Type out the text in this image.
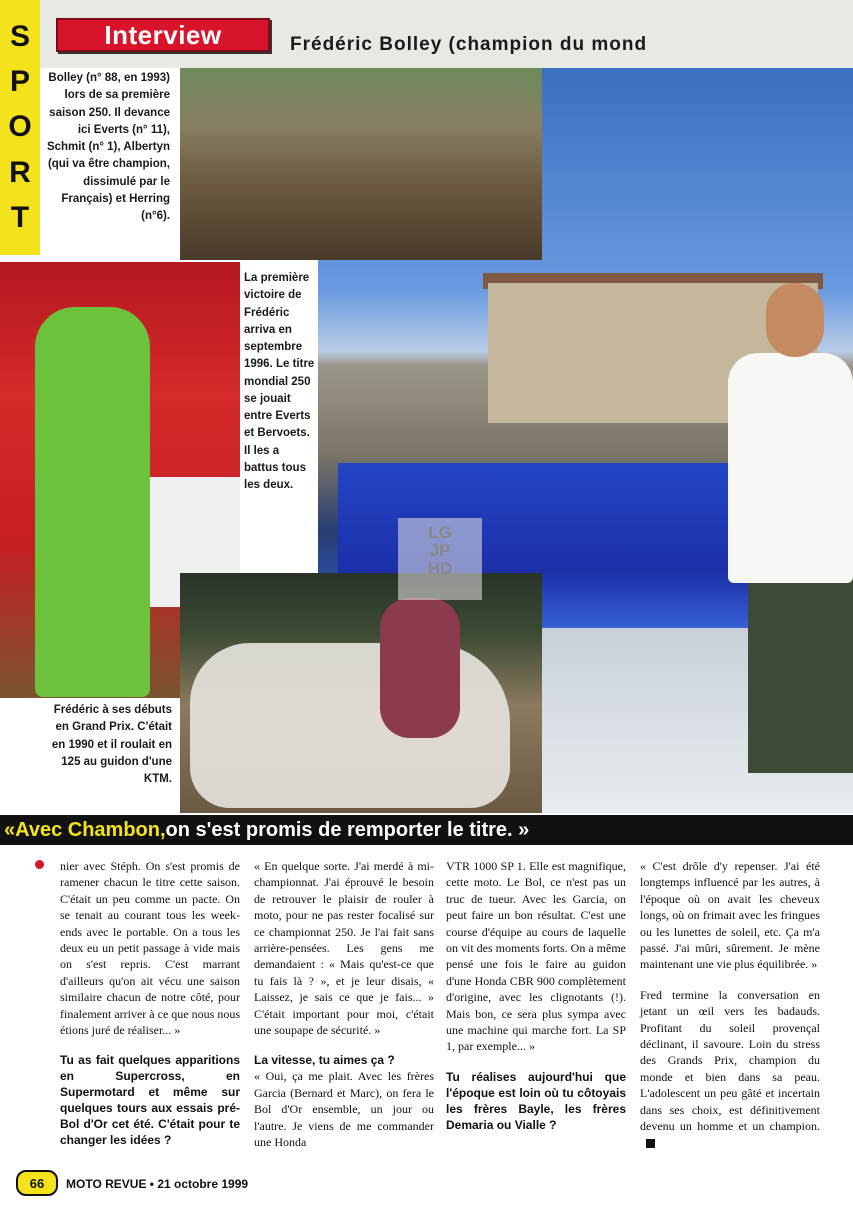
S
P
O
R
T
Interview	Frédéric Bolley (champion du mond
Bolley (n° 88, en 1993) lors de sa première saison 250. Il devance ici Everts (n° 11), Schmit (n° 1), Albertyn (qui va être champion, dissimulé par le Français) et Herring (n°6).
La première victoire de Frédéric arriva en septembre 1996. Le titre mondial 250 se jouait entre Everts et Bervoets. Il les a battus tous les deux.
Frédéric à ses débuts en Grand Prix. C'était en 1990 et il roulait en 125 au guidon d'une KTM.
LG
JP
HD
« Avec Chambon, on s'est promis de remporter le titre. »

nier avec Stéph. On s'est promis de ramener chacun le titre cette saison. C'était un peu comme un pacte. On se tenait au courant tous les week-ends avec le portable. On a tous les deux eu un petit passage à vide mais on s'est repris. C'est marrant d'ailleurs qu'on ait vécu une saison similaire chacun de notre côté, pour finalement arriver à ce que nous nous étions juré de réaliser... »

Tu as fait quelques apparitions en Supercross, en Supermotard et même sur quelques tours aux essais pré-Bol d'Or cet été. C'était pour te changer les idées ?

« En quelque sorte. J'ai merdé à mi-championnat. J'ai éprouvé le besoin de retrouver le plaisir de rouler à moto, pour ne pas rester focalisé sur ce championnat 250. Je l'ai fait sans arrière-pensées. Les gens me demandaient : « Mais qu'est-ce que tu fais là ? », et je leur disais, « Laissez, je sais ce que je fais... » C'était important pour moi, c'était une soupape de sécurité. »

La vitesse, tu aimes ça ?

« Oui, ça me plait. Avec les frères Garcia (Bernard et Marc), on fera le Bol d'Or ensemble, un jour ou l'autre. Je viens de me commander une Honda

VTR 1000 SP 1. Elle est magnifique, cette moto. Le Bol, ce n'est pas un truc de tueur. Avec les Garcia, on peut faire un bon résultat. C'est une course d'équipe au cours de laquelle on vit des moments forts. On a même pensé une fois le faire au guidon d'une Honda CBR 900 complètement d'origine, avec les clignotants (!). Mais bon, ce sera plus sympa avec une machine qui marche fort. La SP 1, par exemple... »

Tu réalises aujourd'hui que l'époque est loin où tu côtoyais les frères Bayle, les frères Demaria ou Vialle ?

« C'est drôle d'y repenser. J'ai été longtemps influencé par les autres, à l'époque où on avait les cheveux longs, où on frimait avec les fringues ou les lunettes de soleil, etc. Ça m'a passé. J'ai mûri, sûrement. Je mène maintenant une vie plus équilibrée. »

Fred termine la conversation en jetant un œil vers les badauds. Profitant du soleil provençal déclinant, il savoure. Loin du stress des Grands Prix, champion du monde et bien dans sa peau. L'adolescent un peu gâté et incertain dans ses choix, est définitivement devenu un homme et un champion.

66	MOTO REVUE • 21 octobre 1999
